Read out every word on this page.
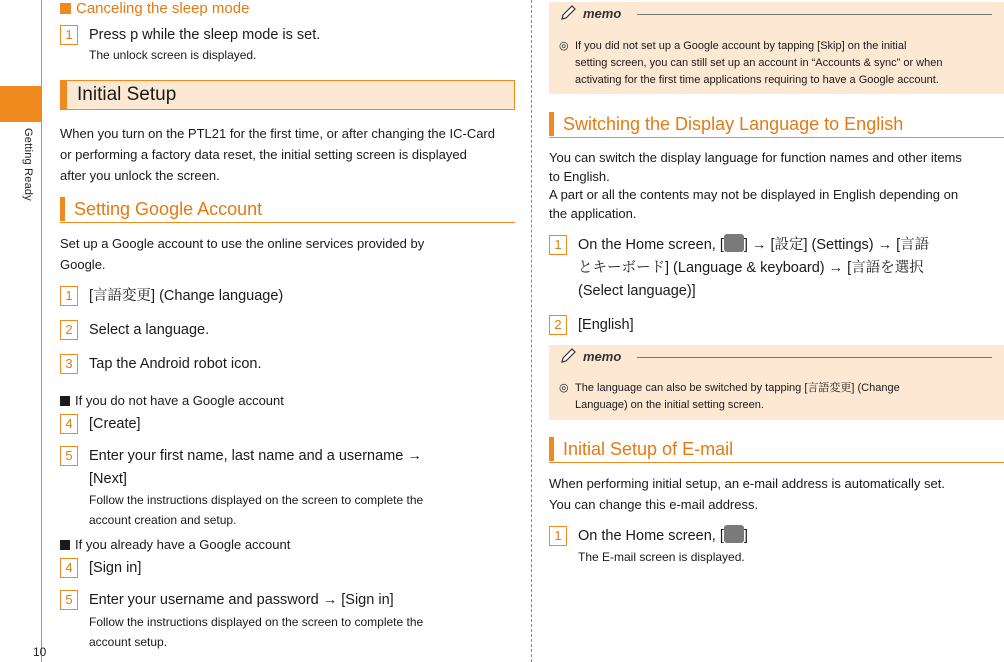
Getting Ready
10
Canceling the sleep mode
1	Press p while the sleep mode is set.
The unlock screen is displayed.
Initial Setup
When you turn on the PTL21 for the first time, or after changing the IC-Card
or performing a factory data reset, the initial setting screen is displayed
after you unlock the screen.
Setting Google Account
Set up a Google account to use the online services provided by
Google.
1	[言語変更] (Change language)
2	Select a language.
3	Tap the Android robot icon.
If you do not have a Google account
4	[Create]
5	Enter your first name, last name and a username →
[Next]
Follow the instructions displayed on the screen to complete the
account creation and setup.
If you already have a Google account
4	[Sign in]
5	Enter your username and password → [Sign in]
Follow the instructions displayed on the screen to complete the
account setup.
memo
◎ If you did not set up a Google account by tapping [Skip] on the initial
setting screen, you can still set up an account in “Accounts & sync” or when
activating for the first time applications requiring to have a Google account.
Switching the Display Language to English
You can switch the display language for function names and other items
to English.
A part or all the contents may not be displayed in English depending on
the application.
1	On the Home screen, [ ] → [設定] (Settings) → [言語
とキーボード] (Language & keyboard) → [言語を選択
(Select language)]
2	[English]
memo
◎ The language can also be switched by tapping [言語変更] (Change
Language) on the initial setting screen.
Initial Setup of E-mail
When performing initial setup, an e-mail address is automatically set.
You can change this e-mail address.
1	On the Home screen, [ ]
The E-mail screen is displayed.
